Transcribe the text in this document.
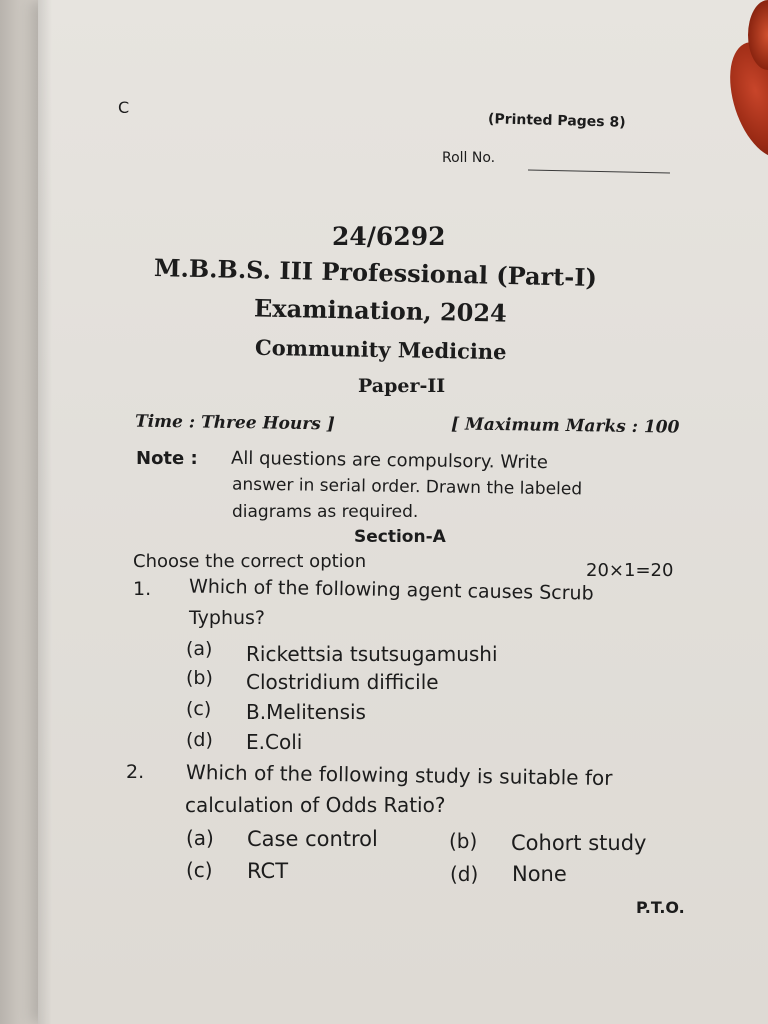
C
(Printed Pages 8)
Roll No.
24/6292
M.B.B.S. III Professional (Part-I)
Examination, 2024
Community Medicine
Paper-II
Time : Three Hours ]	[ Maximum Marks : 100
Note : All questions are compulsory. Write
answer in serial order. Drawn the labeled
diagrams as required.
Section-A
Choose the correct option	20×1=20
1. Which of the following agent causes Scrub
Typhus?
(a) Rickettsia tsutsugamushi
(b) Clostridium difficile
(c) B.Melitensis
(d) E.Coli
2. Which of the following study is suitable for
calculation of Odds Ratio?
(a) Case control	(b) Cohort study
(c) RCT	(d) None
P.T.O.
